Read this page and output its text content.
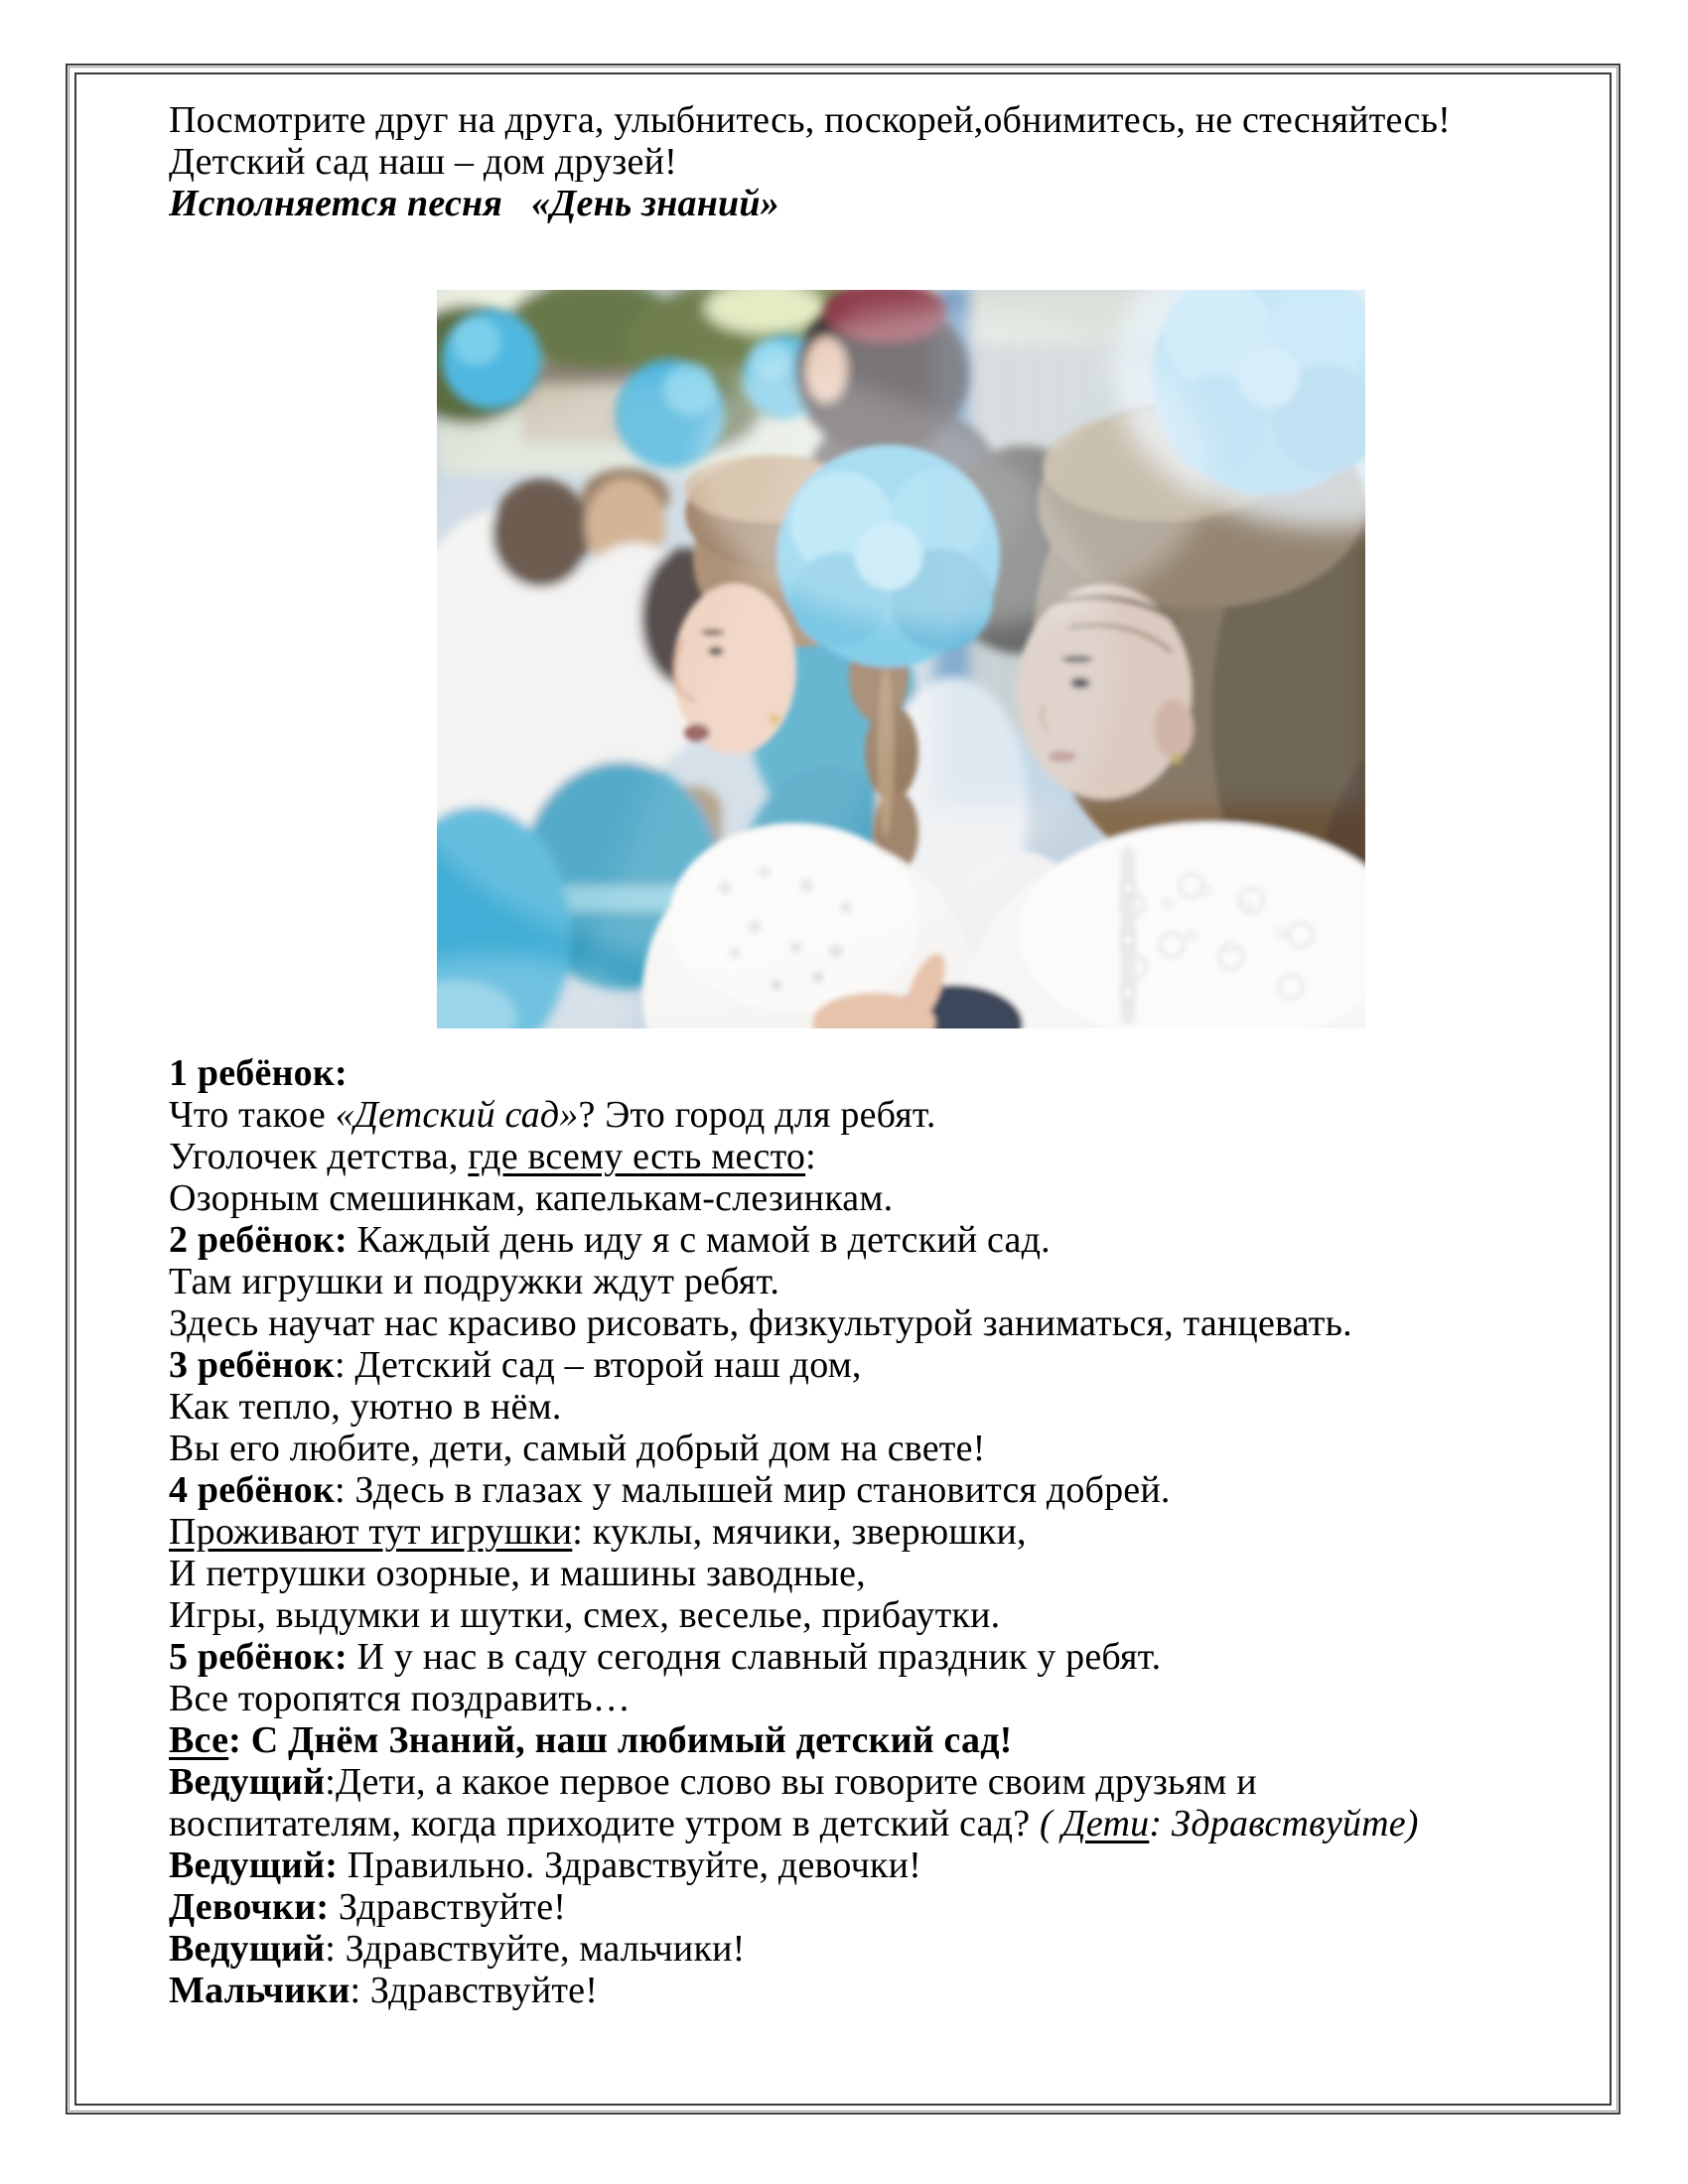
Посмотрите друг на друга, улыбнитесь, поскорей,обнимитесь, не стесняйтесь!
Детский сад наш – дом друзей!
Исполняется песня   «День знаний»
1 ребёнок:
Что такое «Детский сад»? Это город для ребят.
Уголочек детства, где всему есть место:
Озорным смешинкам, капелькам-слезинкам.
2 ребёнок: Каждый день иду я с мамой в детский сад.
Там игрушки и подружки ждут ребят.
Здесь научат нас красиво рисовать, физкультурой заниматься, танцевать.
3 ребёнок: Детский сад – второй наш дом,
Как тепло, уютно в нём.
Вы его любите, дети, самый добрый дом на свете!
4 ребёнок: Здесь в глазах у малышей мир становится добрей.
Проживают тут игрушки: куклы, мячики, зверюшки,
И петрушки озорные, и машины заводные,
Игры, выдумки и шутки, смех, веселье, прибаутки.
5 ребёнок: И у нас в саду сегодня славный праздник у ребят.
Все торопятся поздравить…
Все: С Днём Знаний, наш любимый детский сад!
Ведущий:Дети, а какое первое слово вы говорите своим друзьям и
воспитателям, когда приходите утром в детский сад? ( Дети: Здравствуйте)
Ведущий: Правильно. Здравствуйте, девочки!
Девочки: Здравствуйте!
Ведущий: Здравствуйте, мальчики!
Мальчики: Здравствуйте!
